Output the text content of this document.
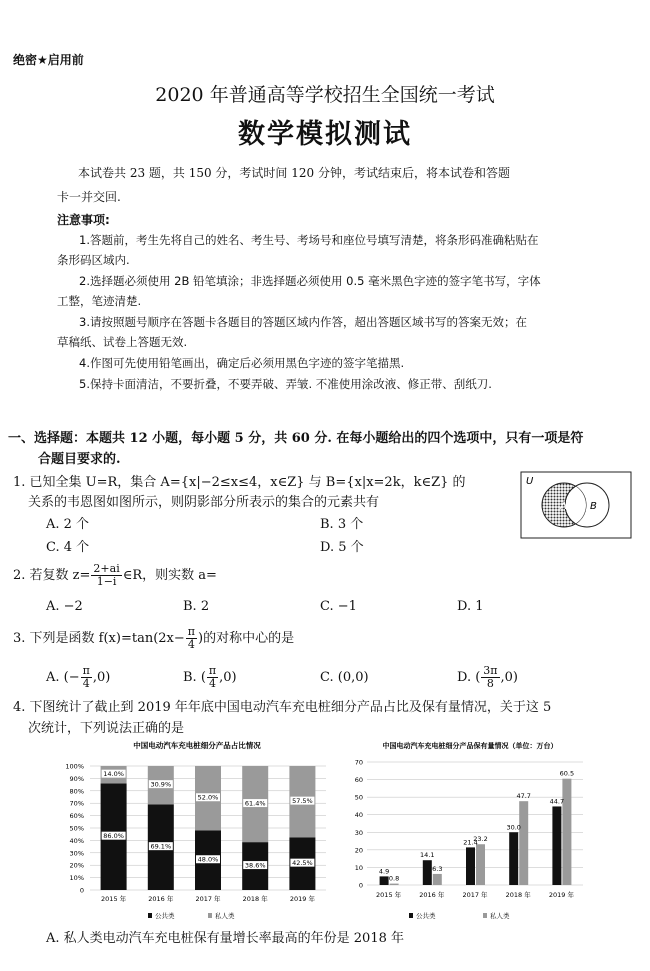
绝密★启用前
2020 年普通高等学校招生全国统一考试
数学模拟测试
本试卷共 23 题，共 150 分，考试时间 120 分钟，考试结束后，将本试卷和答题
卡一并交回.
注意事项:
1.答题前，考生先将自己的姓名、考生号、考场号和座位号填写清楚，将条形码准确粘贴在
条形码区域内.
2.选择题必须使用 2B 铅笔填涂；非选择题必须使用 0.5 毫米黑色字迹的签字笔书写，字体
工整，笔迹清楚.
3.请按照题号顺序在答题卡各题目的答题区域内作答，超出答题区域书写的答案无效；在
草稿纸、试卷上答题无效.
4.作图可先使用铅笔画出，确定后必须用黑色字迹的签字笔描黑.
5.保持卡面清洁，不要折叠，不要弄破、弄皱. 不准使用涂改液、修正带、刮纸刀.
一、选择题：本题共 12 小题，每小题 5 分，共 60 分. 在每小题给出的四个选项中，只有一项是符
合题目要求的.
1. 已知全集 U=R，集合 A={x|−2≤x≤4，x∈Z} 与 B={x|x=2k，k∈Z} 的
关系的韦恩图如图所示，则阴影部分所表示的集合的元素共有
A. 2 个	B. 3 个
C. 4 个	D. 5 个
U
A B
2. 若复数 $z= \frac{2+ai}{1-i}$ ∈R，则实数 a=
A. −2	B. 2	C. −1	D. 1
3. 下列是函数 $f(x)=\tan(2x- \frac{\pi}{4}$ )的对称中心的是
A. (− $\frac{\pi}{4} ,0$)	B. ( $\frac{\pi}{4} ,0$)	C. (0,0)	D. ( $\frac{3\pi}{8} ,0$)
4. 下图统计了截止到 2019 年年底中国电动汽车充电桩细分产品占比及保有量情况，关于这 5
次统计，下列说法正确的是
中国电动汽车充电桩细分产品占比情况
0
10%
20%
30%
40%
50%
60%
70%
80%
90%
100%
2015 年	2016 年	2017 年	2018 年	2019 年
86.0%
14.0%
69.1%
30.9%
48.0%
52.0%
38.6%
61.4%
42.5%
57.5%
公共类	私人类
中国电动汽车充电桩细分产品保有量情况（单位：万台）
0
10
20
30
40
50
60
70
2015 年	2016 年	2017 年	2018 年	2019 年
4.9
0.8
14.1
6.3
21.4
23.2
30.0
47.7
44.7
60.5
公共类	私人类
A. 私人类电动汽车充电桩保有量增长率最高的年份是 2018 年
